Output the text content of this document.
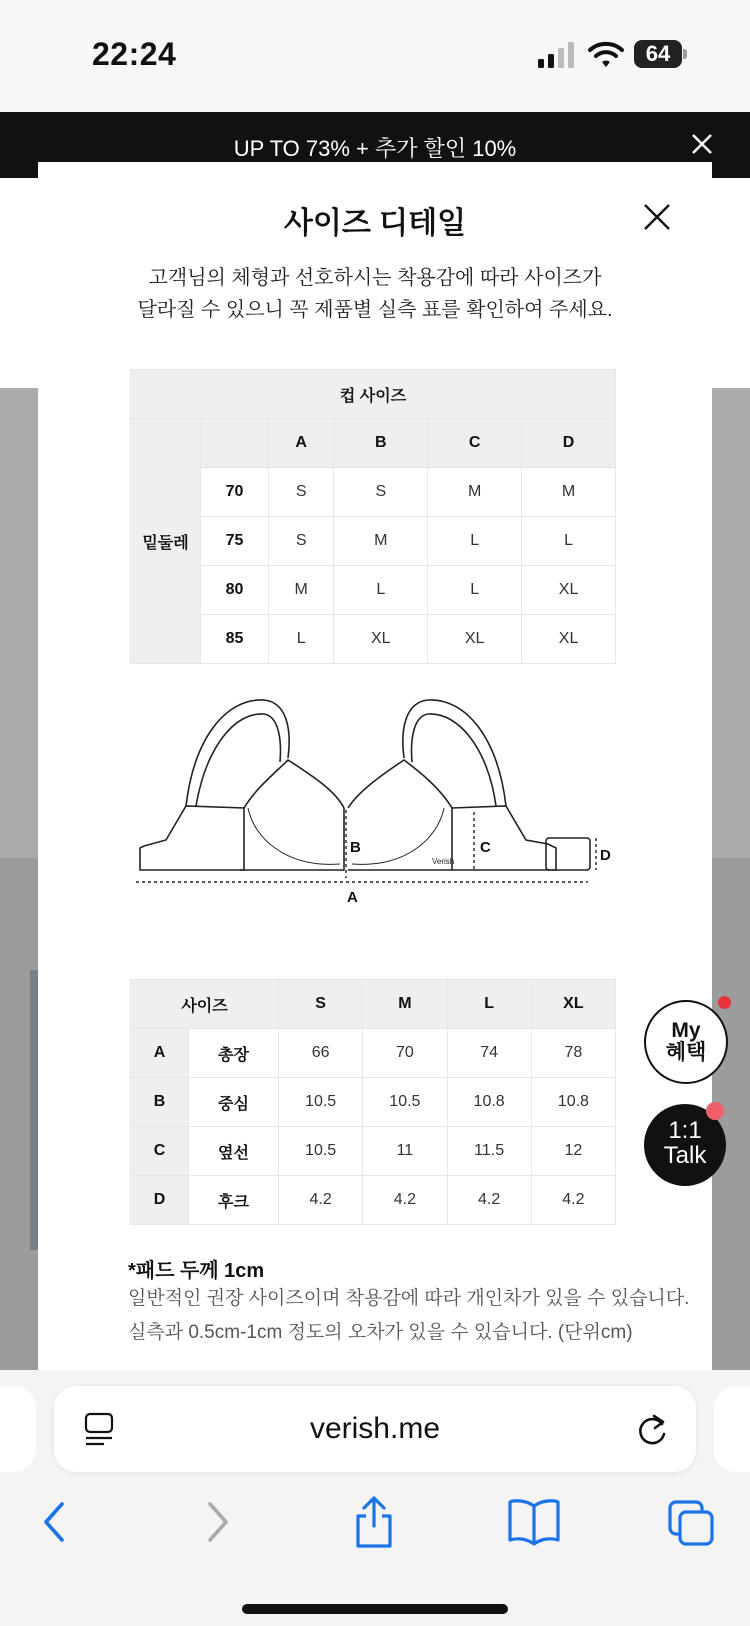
22:24	64
UP TO 73% + 추가 할인 10%
사이즈 디테일
고객님의 체형과 선호하시는 착용감에 따라 사이즈가
달라질 수 있으니 꼭 제품별 실측 표를 확인하여 주세요.
컵 사이즈					
밑둘레		A	B	C	D
	70	S	S	M	M
	75	S	M	L	L
	80	M	L	L	XL
	85	L	XL	XL	XL
B	C	D
A
Verish
사이즈		S	M	L	XL
A	총장	66	70	74	78
B	중심	10.5	10.5	10.8	10.8
C	옆선	10.5	11	11.5	12
D	후크	4.2	4.2	4.2	4.2
*패드 두께 1cm
일반적인 권장 사이즈이며 착용감에 따라 개인차가 있을 수 있습니다.
실측과 0.5cm-1cm 정도의 오차가 있을 수 있습니다. (단위cm)
My
혜택
1:1
Talk
verish.me
